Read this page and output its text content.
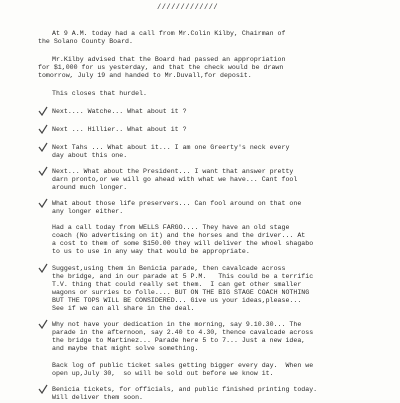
/////////////
At 9 A.M. today had a call from Mr.Colin Kilby, Chairman of
the Solano County Board.
Mr.Kilby advised that the Board had passed an appropriation
for $1,000 for us yesterday, and that the check would be drawn
tomorrow, July 19 and handed to Mr.Duvall,for deposit.
This closes that hurdel.
Next.... Watche... What about it ?
Next ... Hillier.. What about it ?
Next Tahs ... What about it... I am one Greerty's neck every
day about this one.
Next... What about the President... I want that answer pretty
darn pronto,or we will go ahead with what we have... Cant fool
around much longer.
What about those life preservers... Can fool around on that one
any longer either.
Had a call today from WELLS FARGO.... They have an old stage
coach (No advertising on it) and the horses and the driver... At
a cost to them of some $150.00 they will deliver the whoel shagabo
to us to use in any way that would be appropriate.
Suggest,using them in Benicia parade, then cavalcade across
the bridge, and in our parade at 5 P.M.   This could be a terrific
T.V. thing that could really set them.  I can get other smaller
wagons or surries to folle.... BUT ON THE BIG STAGE COACH NOTHING
BUT THE TOPS WILL BE CONSIDERED... Give us your ideas,please...
See if we can all share in the deal.
Why not have your dedication in the morning, say 9.10.30... The
parade in the afternoon, say 2.40 to 4.30, thence cavalcade across
the bridge to Martinez... Parade here 5 to 7... Just a new idea,
and maybe that might solve something.
Back log of public ticket sales getting bigger every day.  When we
open up,July 30,  so will be sold out before we know it.
Benicia tickets, for officials, and public finished printing today.
Will deliver them soon.
